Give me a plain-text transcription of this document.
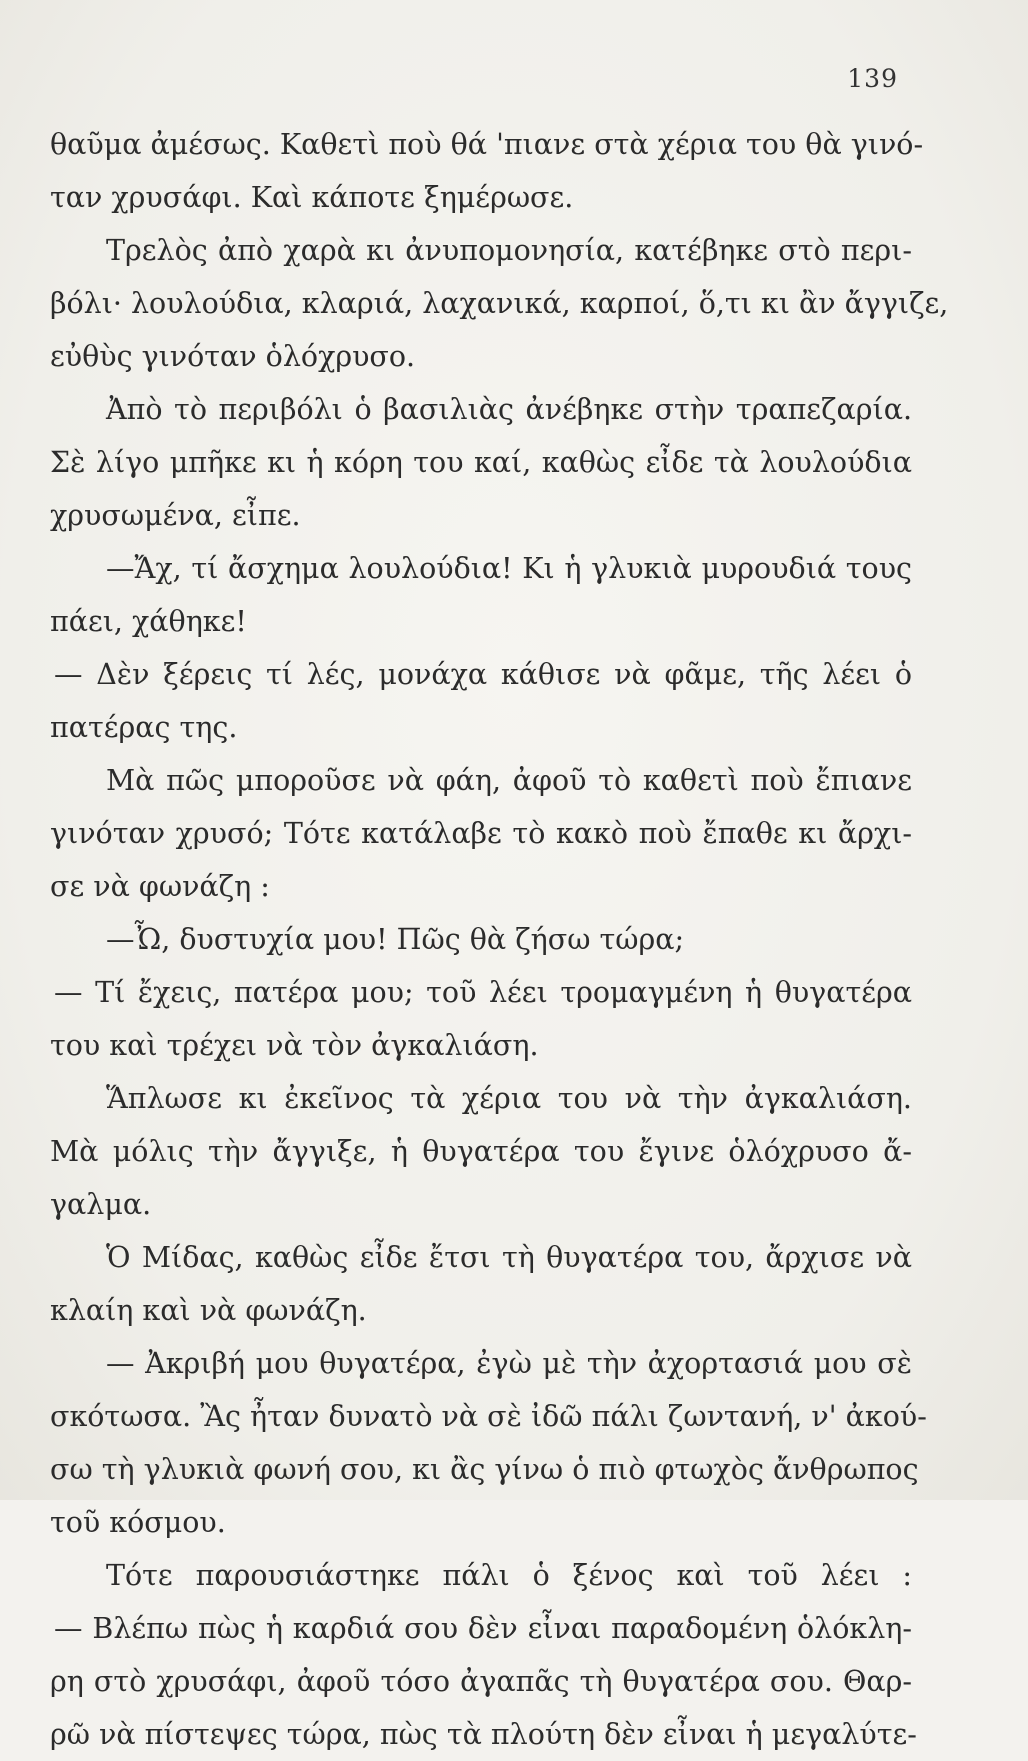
139
θαῦμα ἀμέσως. Καθετὶ ποὺ θά 'πιανε στὰ χέρια του θὰ γινό-
ταν χρυσάφι. Καὶ κάποτε ξημέρωσε.
Τρελὸς ἀπὸ χαρὰ κι ἀνυπομονησία, κατέβηκε στὸ περι-
βόλι· λουλούδια, κλαριά, λαχανικά, καρποί, ὅ,τι κι ἂν ἄγγιζε,
εὐθὺς γινόταν ὁλόχρυσο.
Ἀπὸ τὸ περιβόλι ὁ βασιλιὰς ἀνέβηκε στὴν τραπεζαρία.
Σὲ λίγο μπῆκε κι ἡ κόρη του καί, καθὼς εἶδε τὰ λουλούδια
χρυσωμένα, εἶπε.
—Ἄχ, τί ἄσχημα λουλούδια! Κι ἡ γλυκιὰ μυρουδιά τους
πάει, χάθηκε!
— Δὲν ξέρεις τί λές, μονάχα κάθισε νὰ φᾶμε, τῆς λέει ὁ
πατέρας της.
Μὰ πῶς μποροῦσε νὰ φάη, ἀφοῦ τὸ καθετὶ ποὺ ἔπιανε
γινόταν χρυσό; Τότε κατάλαβε τὸ κακὸ ποὺ ἔπαθε κι ἄρχι-
σε νὰ φωνάζη :
—Ὦ, δυστυχία μου! Πῶς θὰ ζήσω τώρα;
— Τί ἔχεις, πατέρα μου; τοῦ λέει τρομαγμένη ἡ θυγατέρα
του καὶ τρέχει νὰ τὸν ἀγκαλιάση.
Ἅπλωσε κι ἐκεῖνος τὰ χέρια του νὰ τὴν ἀγκαλιάση.
Μὰ μόλις τὴν ἄγγιξε, ἡ θυγατέρα του ἔγινε ὁλόχρυσο ἄ-
γαλμα.
Ὁ Μίδας, καθὼς εἶδε ἔτσι τὴ θυγατέρα του, ἄρχισε νὰ
κλαίη καὶ νὰ φωνάζη.
— Ἀκριβή μου θυγατέρα, ἐγὼ μὲ τὴν ἀχορτασιά μου σὲ
σκότωσα. Ἂς ἦταν δυνατὸ νὰ σὲ ἰδῶ πάλι ζωντανή, ν' ἀκού-
σω τὴ γλυκιὰ φωνή σου, κι ἂς γίνω ὁ πιὸ φτωχὸς ἄνθρωπος
τοῦ κόσμου.
Τότε παρουσιάστηκε πάλι ὁ ξένος καὶ τοῦ λέει :
— Βλέπω πὼς ἡ καρδιά σου δὲν εἶναι παραδομένη ὁλόκλη-
ρη στὸ χρυσάφι, ἀφοῦ τόσο ἀγαπᾶς τὴ θυγατέρα σου. Θαρ-
ρῶ νὰ πίστεψες τώρα, πὼς τὰ πλούτη δὲν εἶναι ἡ μεγαλύτε-
